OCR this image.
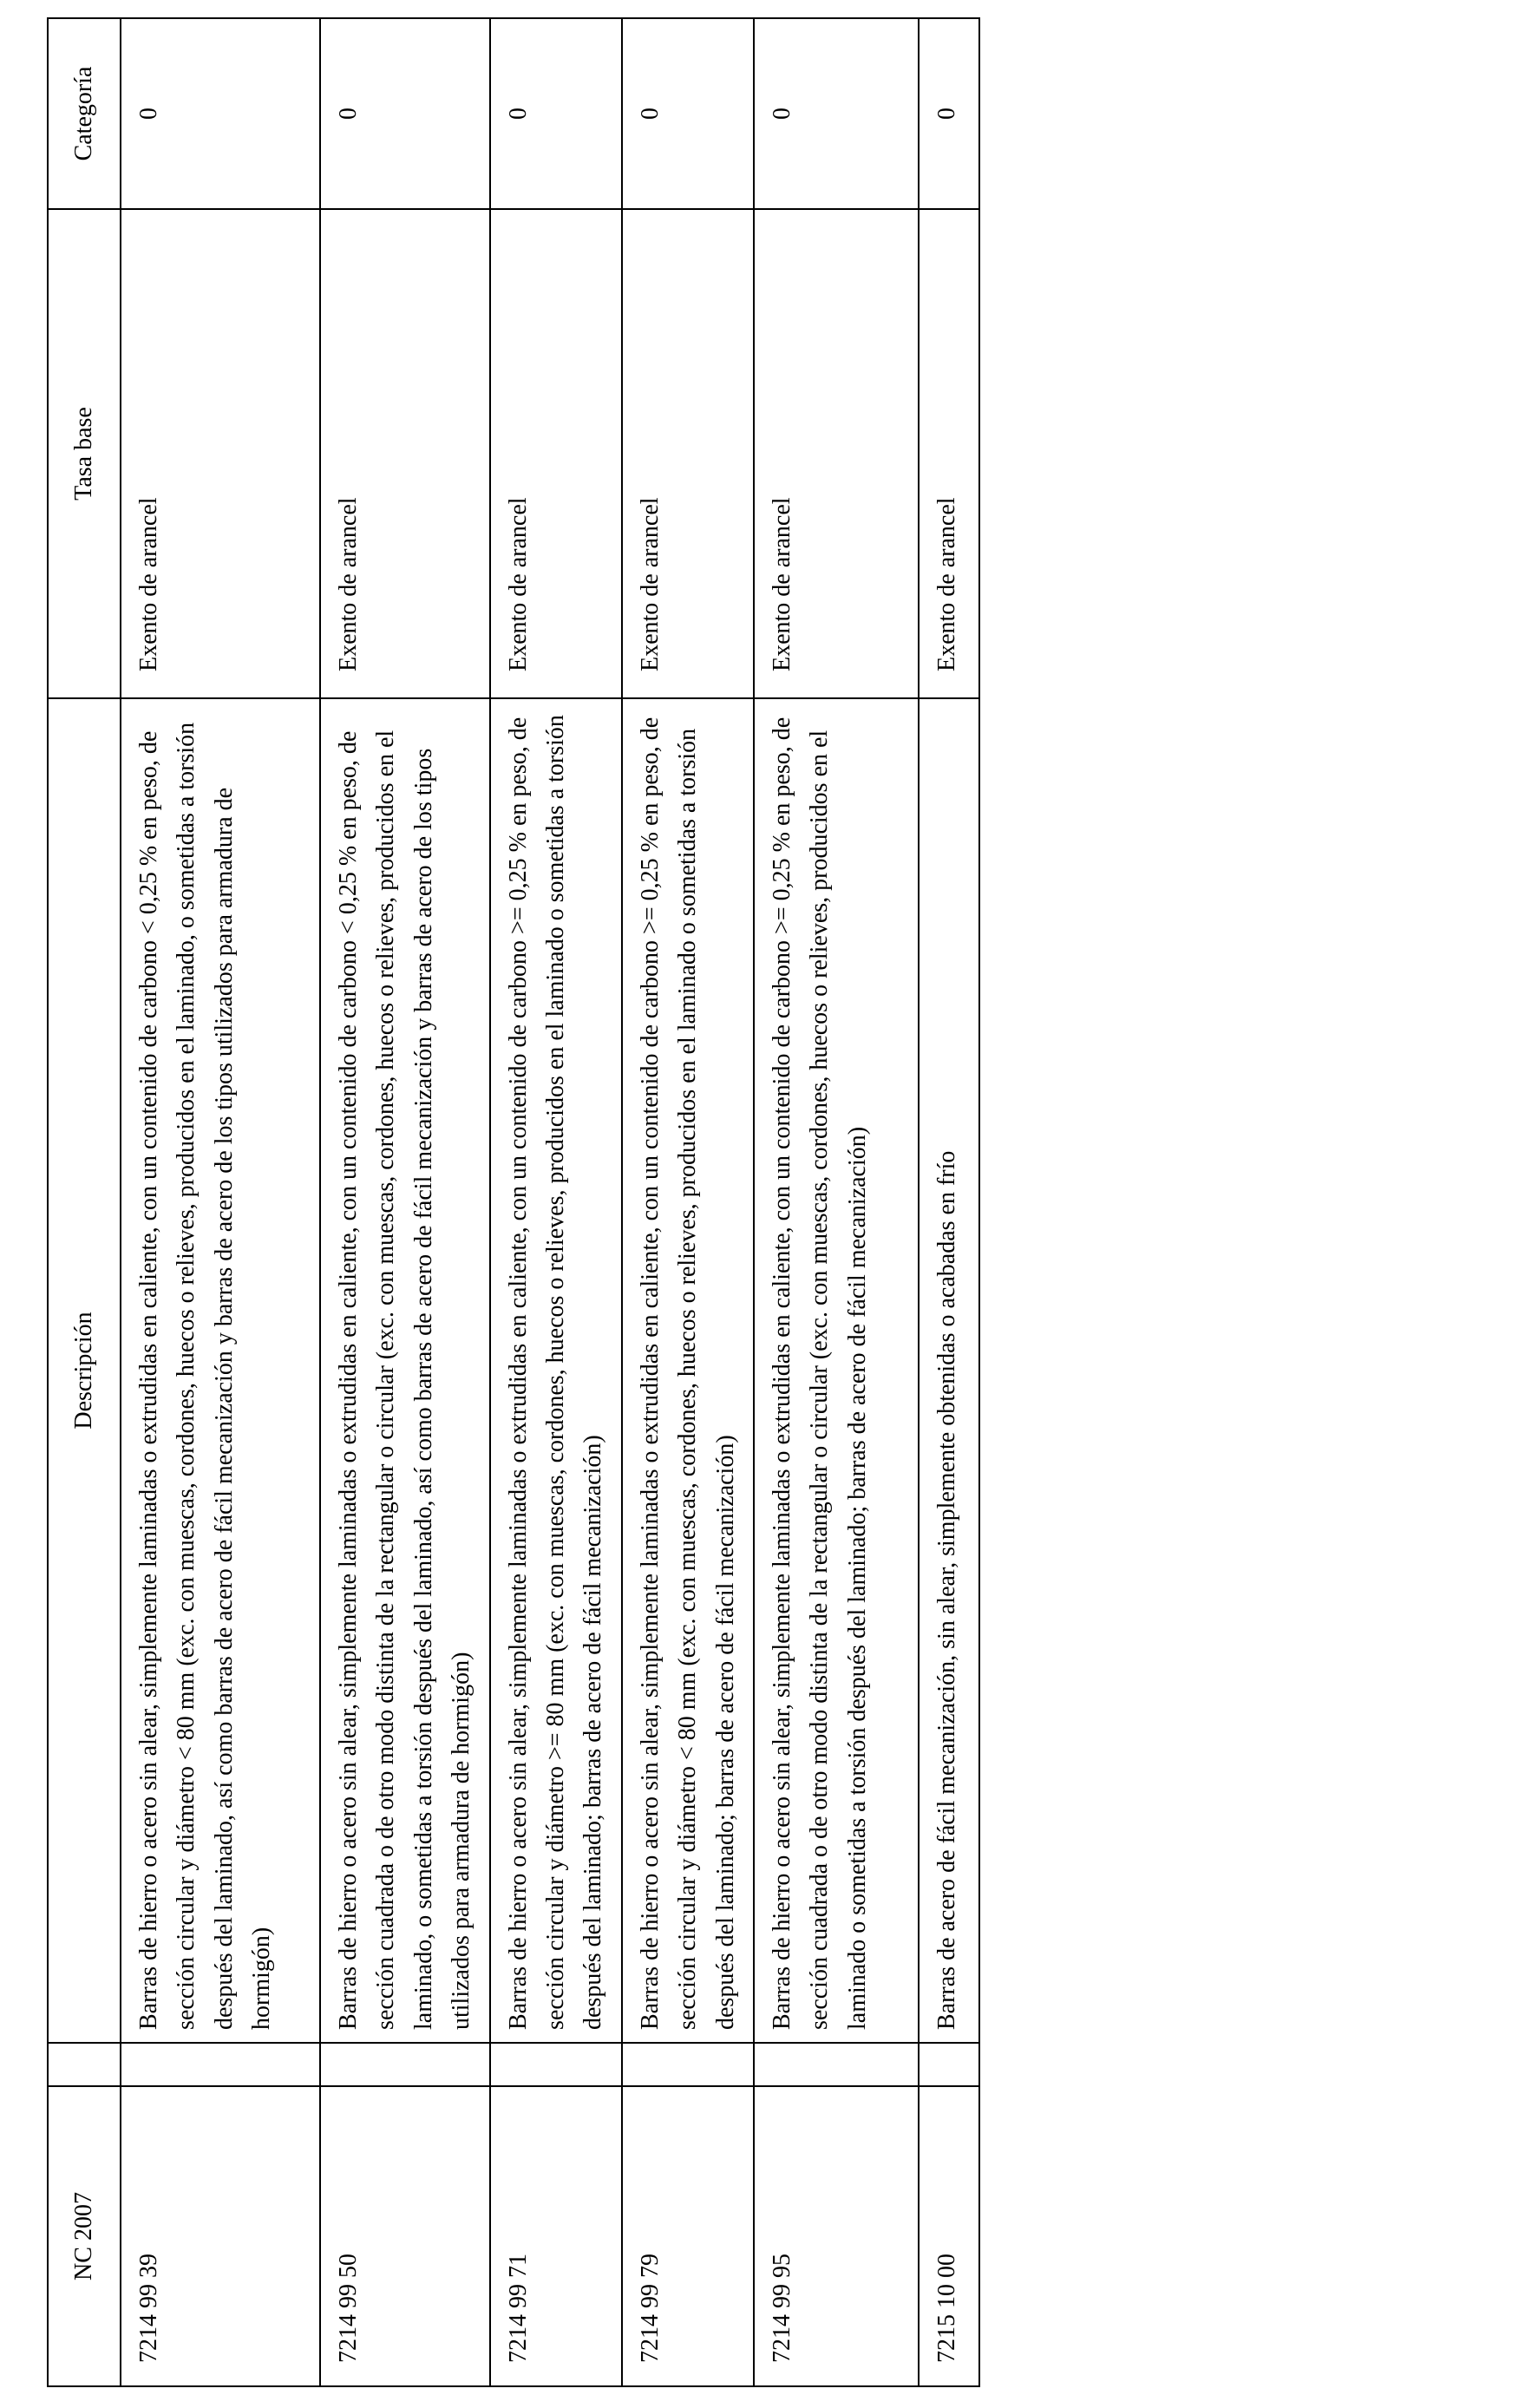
NC 2007		Descripción	Tasa base	Categoría
7214 99 39		Barras de hierro o acero sin alear, simplemente laminadas o extrudidas en caliente, con un contenido de carbono < 0,25 % en peso, de sección circular y diámetro < 80 mm (exc. con muescas, cordones, huecos o relieves, producidos en el laminado, o sometidas a torsión después del laminado, así como barras de acero de fácil mecanización y barras de acero de los tipos utilizados para armadura de hormigón)	Exento de arancel	0
7214 99 50		Barras de hierro o acero sin alear, simplemente laminadas o extrudidas en caliente, con un contenido de carbono < 0,25 % en peso, de sección cuadrada o de otro modo distinta de la rectangular o circular (exc. con muescas, cordones, huecos o relieves, producidos en el laminado, o sometidas a torsión después del laminado, así como barras de acero de fácil mecanización y barras de acero de los tipos utilizados para armadura de hormigón)	Exento de arancel	0
7214 99 71		Barras de hierro o acero sin alear, simplemente laminadas o extrudidas en caliente, con un contenido de carbono >= 0,25 % en peso, de sección circular y diámetro >= 80 mm (exc. con muescas, cordones, huecos o relieves, producidos en el laminado o sometidas a torsión después del laminado; barras de acero de fácil mecanización)	Exento de arancel	0
7214 99 79		Barras de hierro o acero sin alear, simplemente laminadas o extrudidas en caliente, con un contenido de carbono >= 0,25 % en peso, de sección circular y diámetro < 80 mm (exc. con muescas, cordones, huecos o relieves, producidos en el laminado o sometidas a torsión después del laminado; barras de acero de fácil mecanización)	Exento de arancel	0
7214 99 95		Barras de hierro o acero sin alear, simplemente laminadas o extrudidas en caliente, con un contenido de carbono >= 0,25 % en peso, de sección cuadrada o de otro modo distinta de la rectangular o circular (exc. con muescas, cordones, huecos o relieves, producidos en el laminado o sometidas a torsión después del laminado; barras de acero de fácil mecanización)	Exento de arancel	0
7215 10 00		Barras de acero de fácil mecanización, sin alear, simplemente obtenidas o acabadas en frío	Exento de arancel	0
